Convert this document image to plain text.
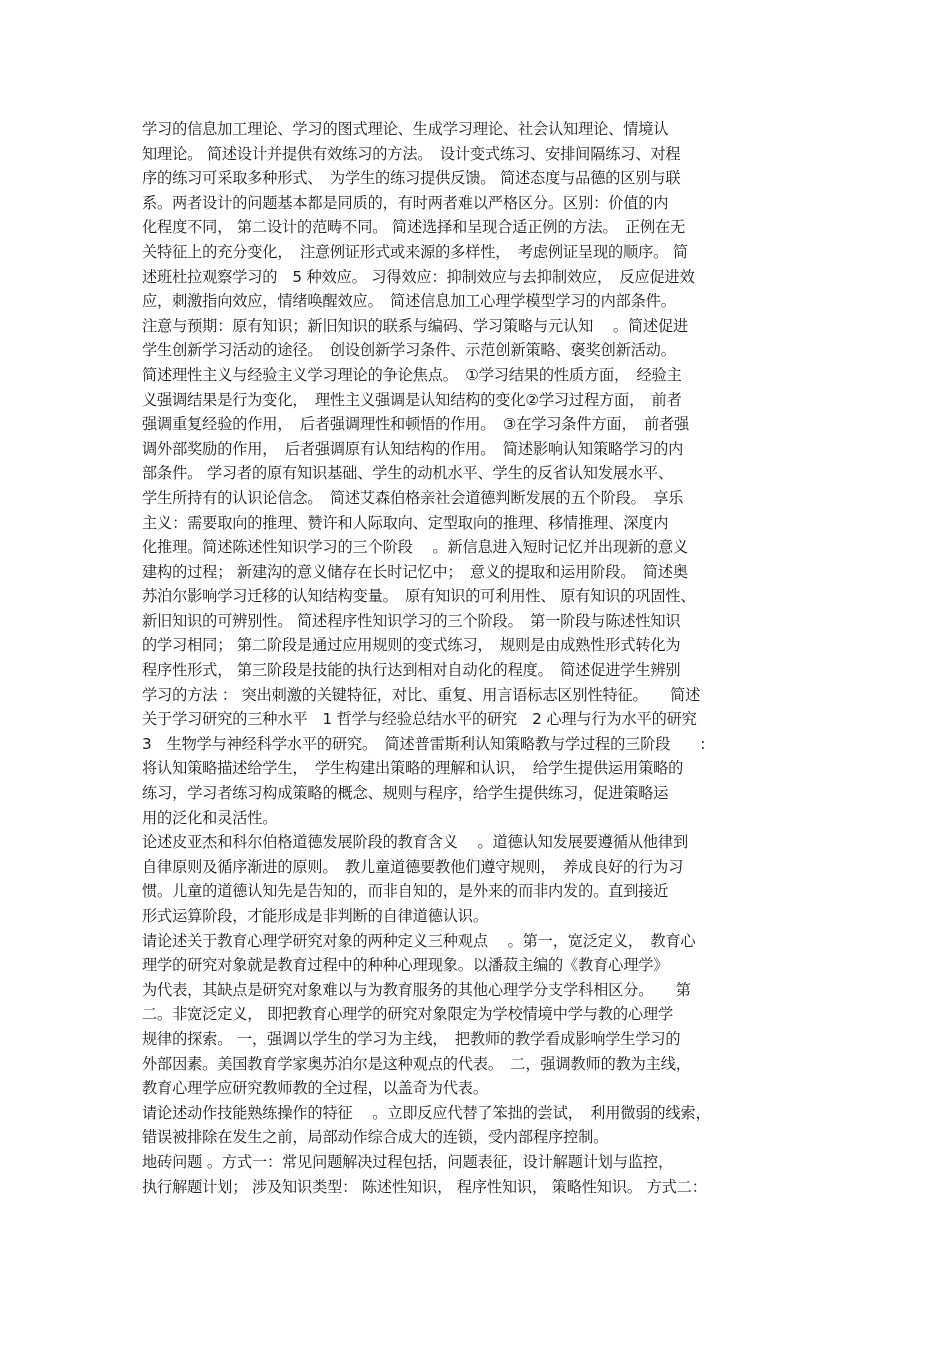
学习的信息加工理论、学习的图式理论、生成学习理论、社会认知理论、情境认
知理论。 简述设计并提供有效练习的方法。　设计变式练习、安排间隔练习、对程
序的练习可采取多种形式、　为学生的练习提供反馈。 简述态度与品德的区别与联
系。两者设计的问题基本都是同质的，有时两者难以严格区分。区别：价值的内
化程度不同， 第二设计的范畴不同。 简述选择和呈现合适正例的方法。　正例在无
关特征上的充分变化，　注意例证形式或来源的多样性，　考虑例证呈现的顺序。 简
述班杜拉观察学习的　5 种效应。 习得效应：抑制效应与去抑制效应，　反应促进效
应，刺激指向效应，情绪唤醒效应。　简述信息加工心理学模型学习的内部条件。
注意与预期：原有知识；新旧知识的联系与编码、学习策略与元认知　 。简述促进
学生创新学习活动的途径。　创设创新学习条件、示范创新策略、褒奖创新活动。
简述理性主义与经验主义学习理论的争论焦点。　①学习结果的性质方面，　经验主
义强调结果是行为变化，　理性主义强调是认知结构的变化②学习过程方面，　前者
强调重复经验的作用，　后者强调理性和顿悟的作用。　③在学习条件方面，　前者强
调外部奖励的作用，　后者强调原有认知结构的作用。　简述影响认知策略学习的内
部条件。 学习者的原有知识基础、学生的动机水平、学生的反省认知发展水平、
学生所持有的认识论信念。　简述艾森伯格亲社会道德判断发展的五个阶段。　享乐
主义：需要取向的推理、赞许和人际取向、定型取向的推理、移情推理、深度内
化推理。简述陈述性知识学习的三个阶段　 。新信息进入短时记忆并出现新的意义
建构的过程； 新建沟的意义储存在长时记忆中；　意义的提取和运用阶段。　简述奥
苏泊尔影响学习迁移的认知结构变量。　原有知识的可利用性、 原有知识的巩固性、
新旧知识的可辨别性。 简述程序性知识学习的三个阶段。　第一阶段与陈述性知识
的学习相同； 第二阶段是通过应用规则的变式练习，　规则是由成熟性形式转化为
程序性形式， 第三阶段是技能的执行达到相对自动化的程度。　简述促进学生辨别
学习的方法 ： 突出刺激的关键特征，对比、重复、用言语标志区别性特征。　　简述
关于学习研究的三种水平　1 哲学与经验总结水平的研究　2 心理与行为水平的研究
3　生物学与神经科学水平的研究。　简述普雷斯利认知策略教与学过程的三阶段　　:
将认知策略描述给学生，　学生构建出策略的理解和认识，　给学生提供运用策略的
练习，学习者练习构成策略的概念、规则与程序，给学生提供练习，促进策略运
用的泛化和灵活性。
论述皮亚杰和科尔伯格道德发展阶段的教育含义　 。道德认知发展要遵循从他律到
自律原则及循序渐进的原则。　教儿童道德要教他们遵守规则，　养成良好的行为习
惯。儿童的道德认知先是告知的，而非自知的，是外来的而非内发的。直到接近
形式运算阶段，才能形成是非判断的自律道德认识。
请论述关于教育心理学研究对象的两种定义三种观点　 。第一，宽泛定义，　教育心
理学的研究对象就是教育过程中的种种心理现象。以潘菽主编的《教育心理学》
为代表，其缺点是研究对象难以与为教育服务的其他心理学分支学科相区分。　　第
二。非宽泛定义， 即把教育心理学的研究对象限定为学校情境中学与教的心理学
规律的探索。 一，强调以学生的学习为主线，　把教师的教学看成影响学生学习的
外部因素。美国教育学家奥苏泊尔是这种观点的代表。　二，强调教师的教为主线，
教育心理学应研究教师教的全过程，以盖奇为代表。
请论述动作技能熟练操作的特征　 。立即反应代替了笨拙的尝试，　利用微弱的线索，
错误被排除在发生之前，局部动作综合成大的连锁，受内部程序控制。
地砖问题 。方式一：常见问题解决过程包括，问题表征，设计解题计划与监控，
执行解题计划； 涉及知识类型： 陈述性知识， 程序性知识， 策略性知识。 方式二：
